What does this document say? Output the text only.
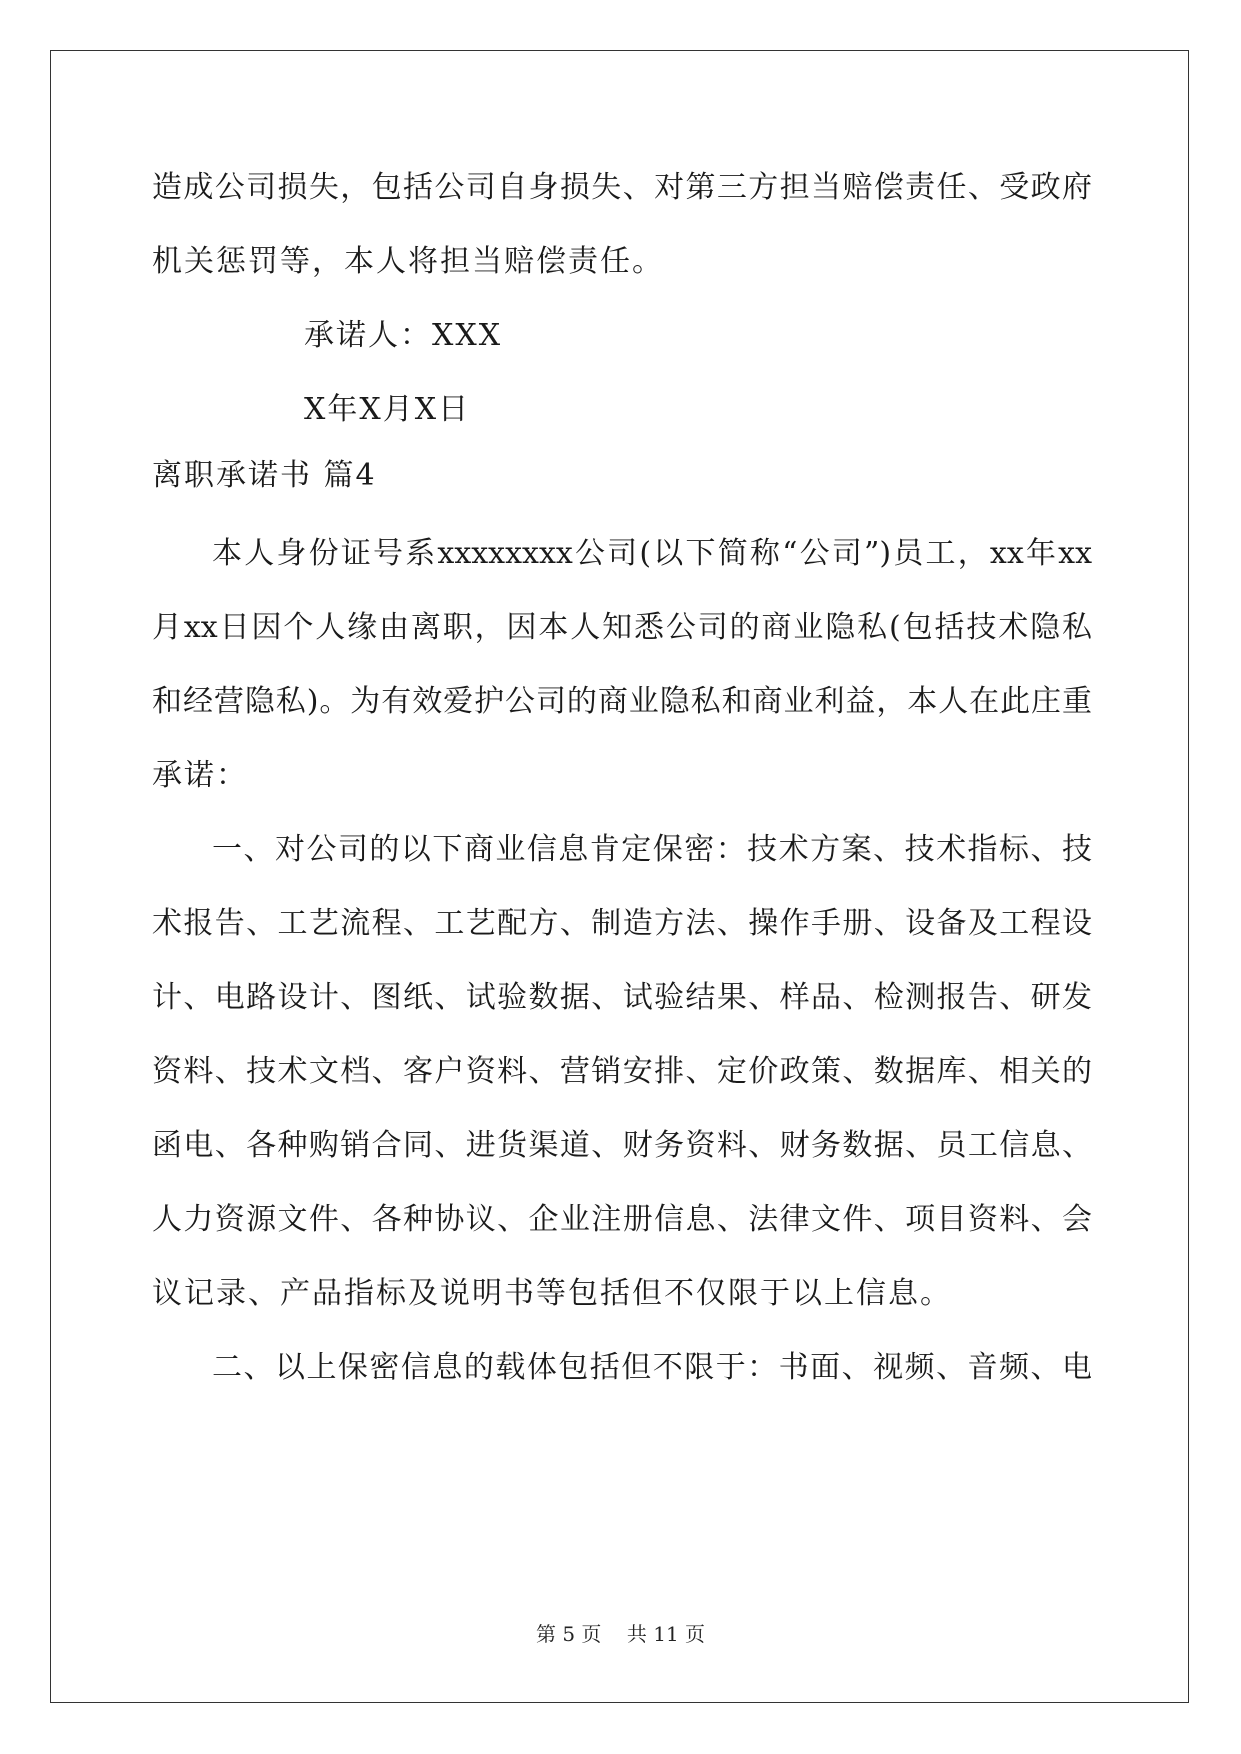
造成公司损失，包括公司自身损失、对第三方担当赔偿责任、受政府
机关惩罚等，本人将担当赔偿责任。
承诺人：XXX
X年X月X日
离职承诺书 篇4
本人身份证号系xxxxxxxx公司(以下简称“公司”)员工，xx年xx
月xx日因个人缘由离职，因本人知悉公司的商业隐私(包括技术隐私
和经营隐私)。为有效爱护公司的商业隐私和商业利益，本人在此庄重
承诺：
一、对公司的以下商业信息肯定保密：技术方案、技术指标、技
术报告、工艺流程、工艺配方、制造方法、操作手册、设备及工程设
计、电路设计、图纸、试验数据、试验结果、样品、检测报告、研发
资料、技术文档、客户资料、营销安排、定价政策、数据库、相关的
函电、各种购销合同、进货渠道、财务资料、财务数据、员工信息、
人力资源文件、各种协议、企业注册信息、法律文件、项目资料、会
议记录、产品指标及说明书等包括但不仅限于以上信息。
二、以上保密信息的载体包括但不限于：书面、视频、音频、电
第 5 页 共 11 页
